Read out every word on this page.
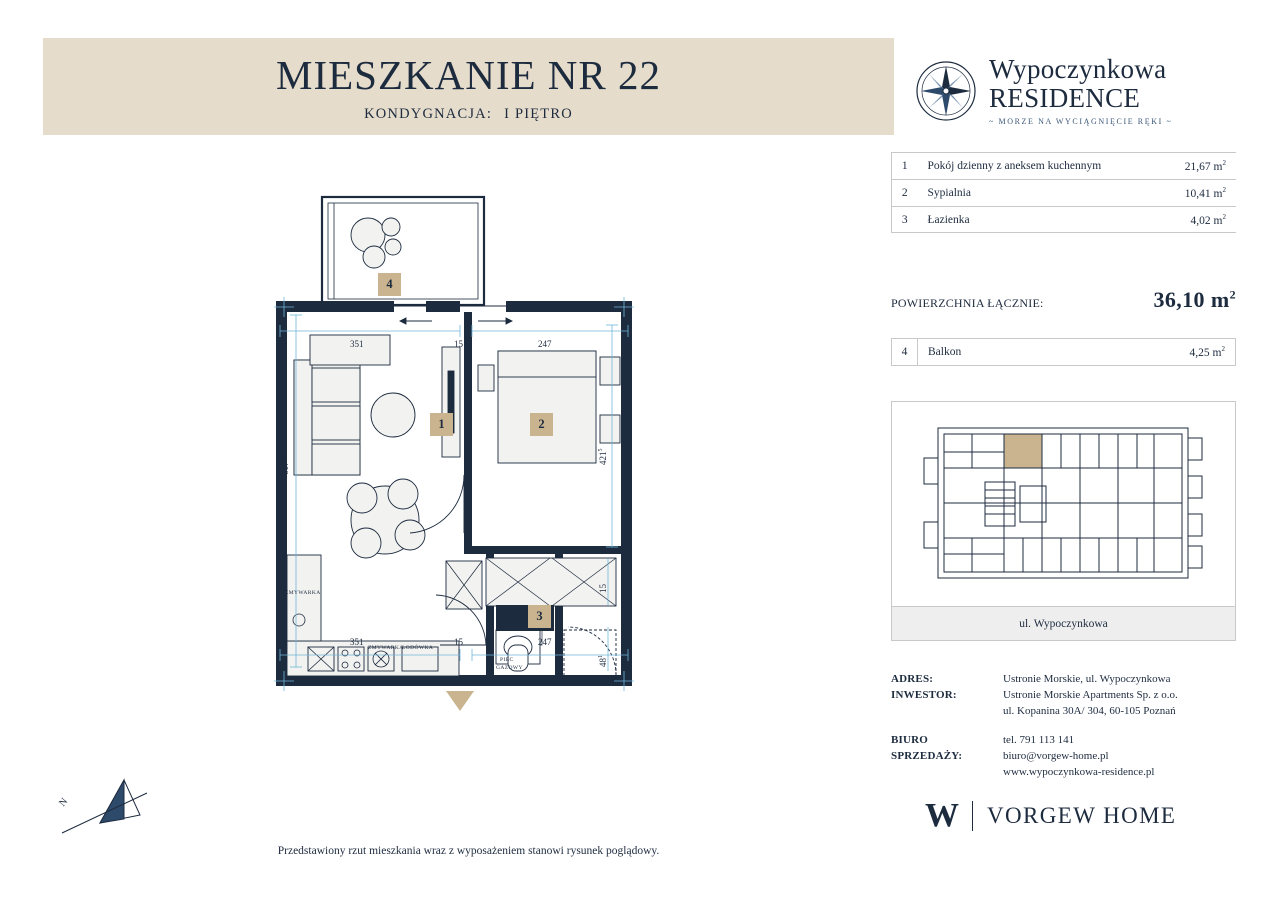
MIESZKANIE NR 22
KONDYGNACJA: I PIĘTRO
Wypoczynkowa
RESIDENCE
~ MORZE NA WYCIĄGNIĘCIE RĘKI ~
1	Pokój dzienny z aneksem kuchennym	21,67 $m^2$
2	Sypialnia	10,41 $m^2$
3	Łazienka	4,02 $m^2$
POWIERZCHNIA ŁĄCZNIE:	36,10 $m^2$
4	Balkon	4,25 $m^2$
ul. Wypoczynkowa
ADRES:	Ustronie Morskie, ul. Wypoczynkowa
INWESTOR:	Ustronie Morskie Apartments Sp. z o.o.
ul. Kopanina 30A/ 304, 60-105 Poznań
BIURO
SPRZEDAŻY:
tel. 791 113 141
biuro@vorgew-home.pl
www.wypoczynkowa-residence.pl
W VORGEW HOME
Przedstawiony rzut mieszkania wraz z wyposażeniem stanowi rysunek poglądowy.
N
351	15	247
351	15	247
$617^5$	$421^5$
15
$48^1$
ZMYWARKA
ZMYWARKA
LODÓWKA
PIEC
GAZOWY
1	2
3
4
